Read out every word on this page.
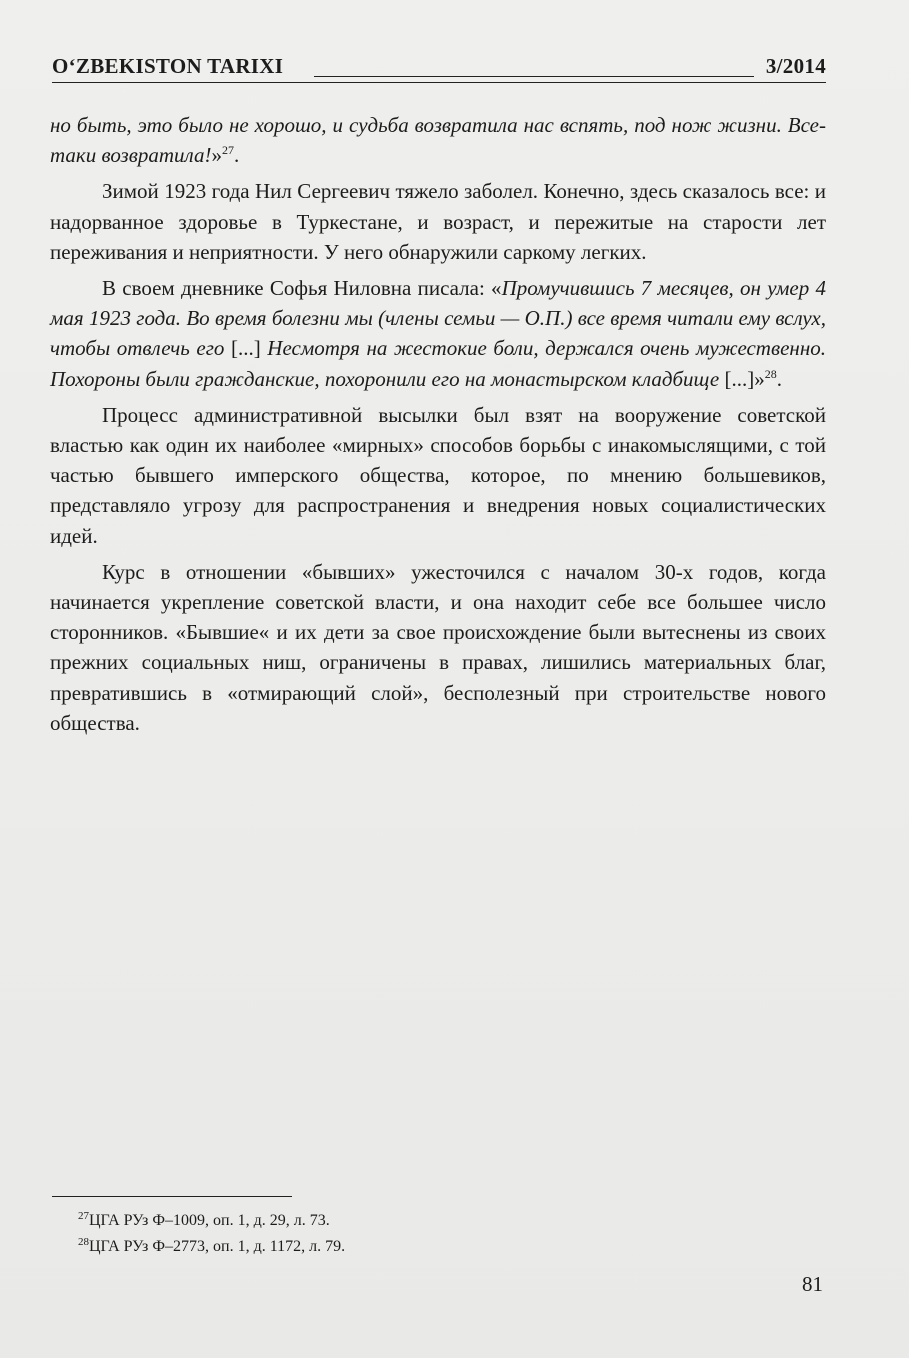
O‘ZBEKISTON TARIXI	3/2014

но быть, это было не хорошо, и судьба возвратила нас вспять, под нож жизни. Все-таки возвратила!»$^{27}$.

Зимой 1923 года Нил Сергеевич тяжело заболел. Конечно, здесь сказалось все: и надорванное здоровье в Туркестане, и возраст, и пережитые на старости лет переживания и неприятности. У него обнаружили саркому легких.

В своем дневнике Софья Ниловна писала: «Промучившись 7 месяцев, он умер 4 мая 1923 года. Во время болезни мы (члены семьи — О.П.) все время читали ему вслух, чтобы отвлечь его [...] Несмотря на жестокие боли, держался очень мужественно. Похороны были гражданские, похоронили его на монастырском кладбище [...]»$^{28}$.

Процесс административной высылки был взят на вооружение советской властью как один их наиболее «мирных» способов борьбы с инакомыслящими, с той частью бывшего имперского общества, которое, по мнению большевиков, представляло угрозу для распространения и внедрения новых социалистических идей.

Курс в отношении «бывших» ужесточился с началом 30-х годов, когда начинается укрепление советской власти, и она находит себе все большее число сторонников. «Бывшие« и их дети за свое происхождение были вытеснены из своих прежних социальных ниш, ограничены в правах, лишились материальных благ, превратившись в «отмирающий слой», бесполезный при строительстве нового общества.

$^{27}$ЦГА РУз Ф–1009, оп. 1, д. 29, л. 73.
$^{28}$ЦГА РУз Ф–2773, оп. 1, д. 1172, л. 79.
81
